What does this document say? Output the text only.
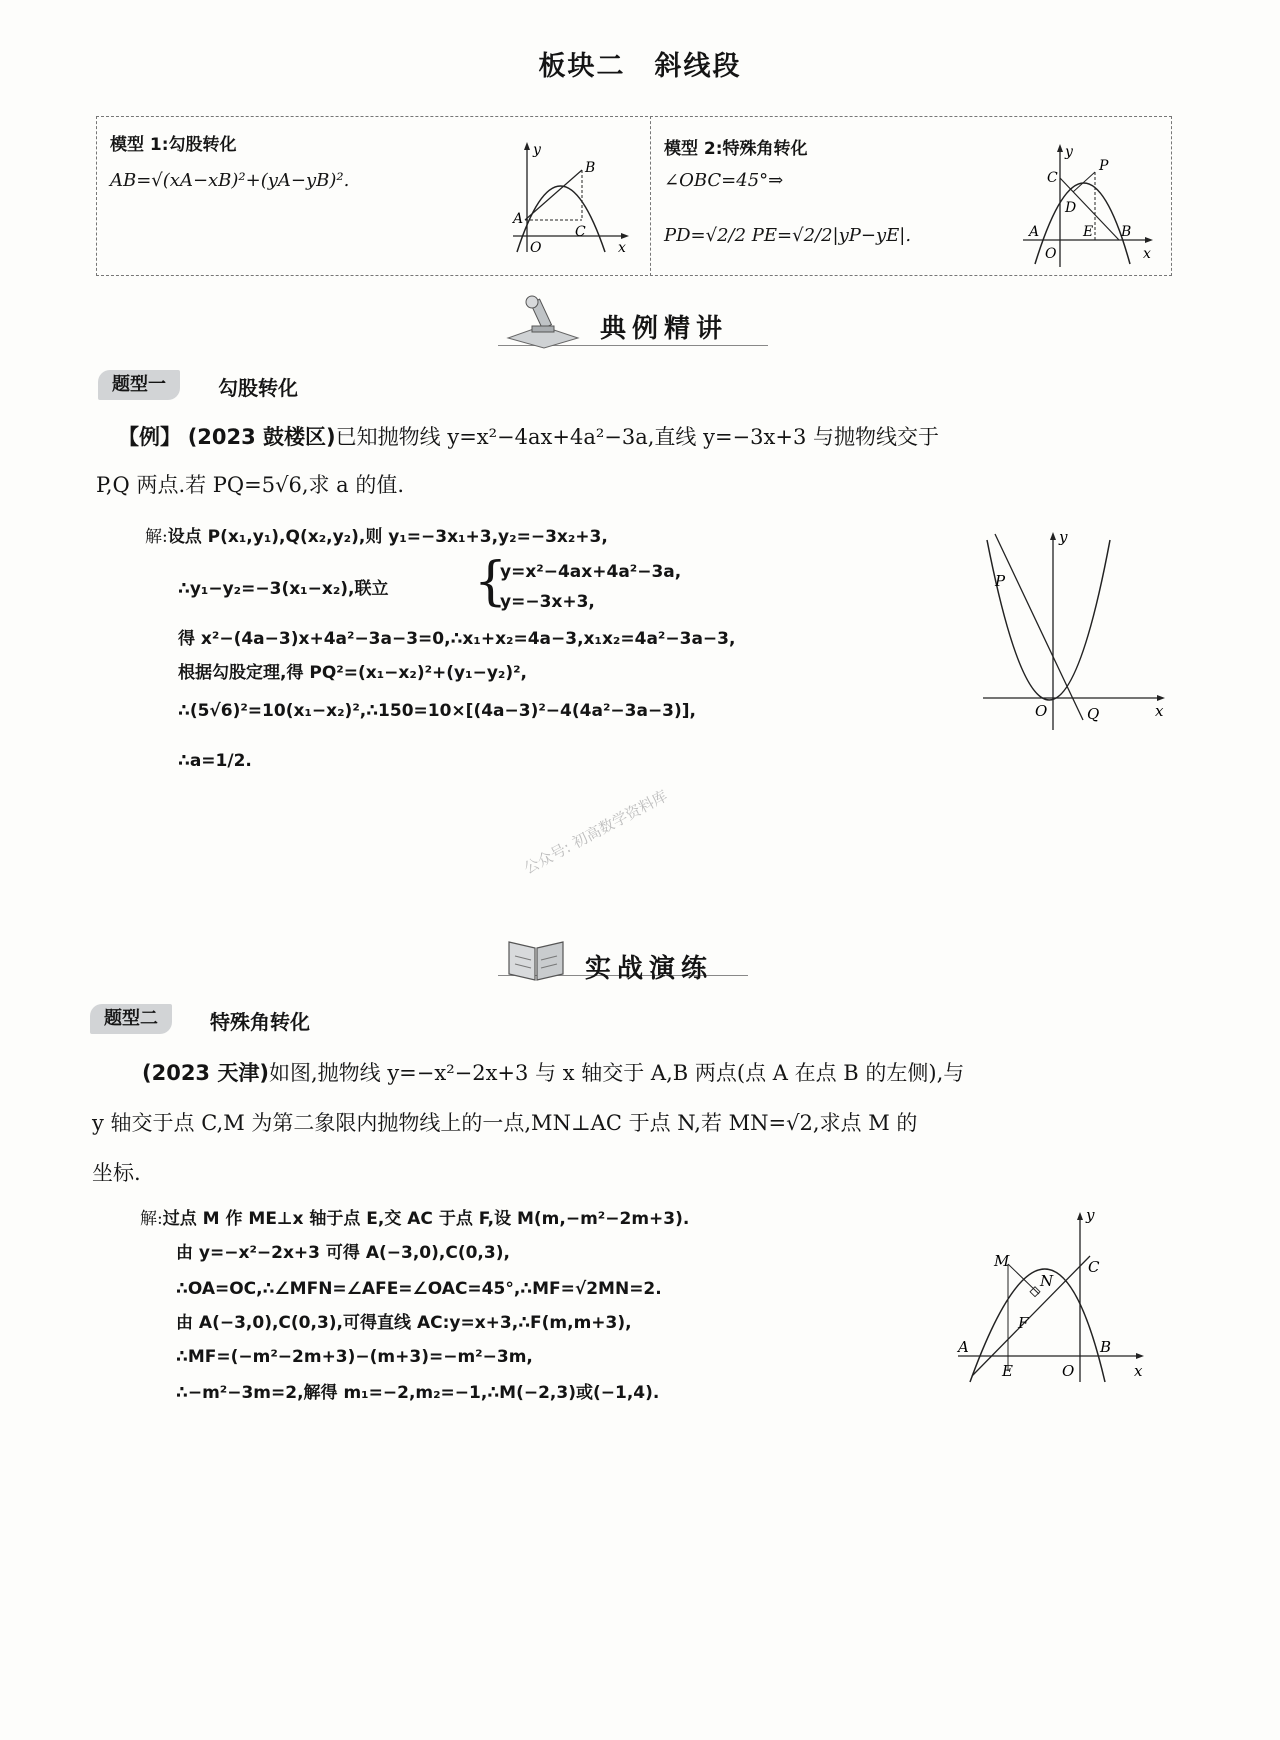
板块二　斜线段
模型 1:勾股转化
AB=√(xA−xB)²+(yA−yB)².
y
x
O
A
B
C
模型 2:特殊角转化
∠OBC=45°⇒
PD=√2/2 PE=√2/2|yP−yE|.
y
x
O
A	B
C
P
D
E
典例精讲
题型一	勾股转化
【例】 (2023 鼓楼区)已知抛物线 y=x²−4ax+4a²−3a,直线 y=−3x+3 与抛物线交于
P,Q 两点.若 PQ=5√6,求 a 的值.
解:设点 P(x₁,y₁),Q(x₂,y₂),则 y₁=−3x₁+3,y₂=−3x₂+3,
∴y₁−y₂=−3(x₁−x₂),联立 {
y=x²−4ax+4a²−3a,
y=−3x+3,
得 x²−(4a−3)x+4a²−3a−3=0,∴x₁+x₂=4a−3,x₁x₂=4a²−3a−3,
根据勾股定理,得 PQ²=(x₁−x₂)²+(y₁−y₂)²,
∴(5√6)²=10(x₁−x₂)²,∴150=10×[(4a−3)²−4(4a²−3a−3)],
∴a=1/2.
y
x
O
P
Q
公众号: 初高数学资料库
实战演练
题型二	特殊角转化
(2023 天津)如图,抛物线 y=−x²−2x+3 与 x 轴交于 A,B 两点(点 A 在点 B 的左侧),与
y 轴交于点 C,M 为第二象限内抛物线上的一点,MN⊥AC 于点 N,若 MN=√2,求点 M 的
坐标.
解:过点 M 作 ME⊥x 轴于点 E,交 AC 于点 F,设 M(m,−m²−2m+3).
由 y=−x²−2x+3 可得 A(−3,0),C(0,3),
∴OA=OC,∴∠MFN=∠AFE=∠OAC=45°,∴MF=√2MN=2.
由 A(−3,0),C(0,3),可得直线 AC:y=x+3,∴F(m,m+3),
∴MF=(−m²−2m+3)−(m+3)=−m²−3m,
∴−m²−3m=2,解得 m₁=−2,m₂=−1,∴M(−2,3)或(−1,4).
y
x
O
A	B
C
M
N
F
E
